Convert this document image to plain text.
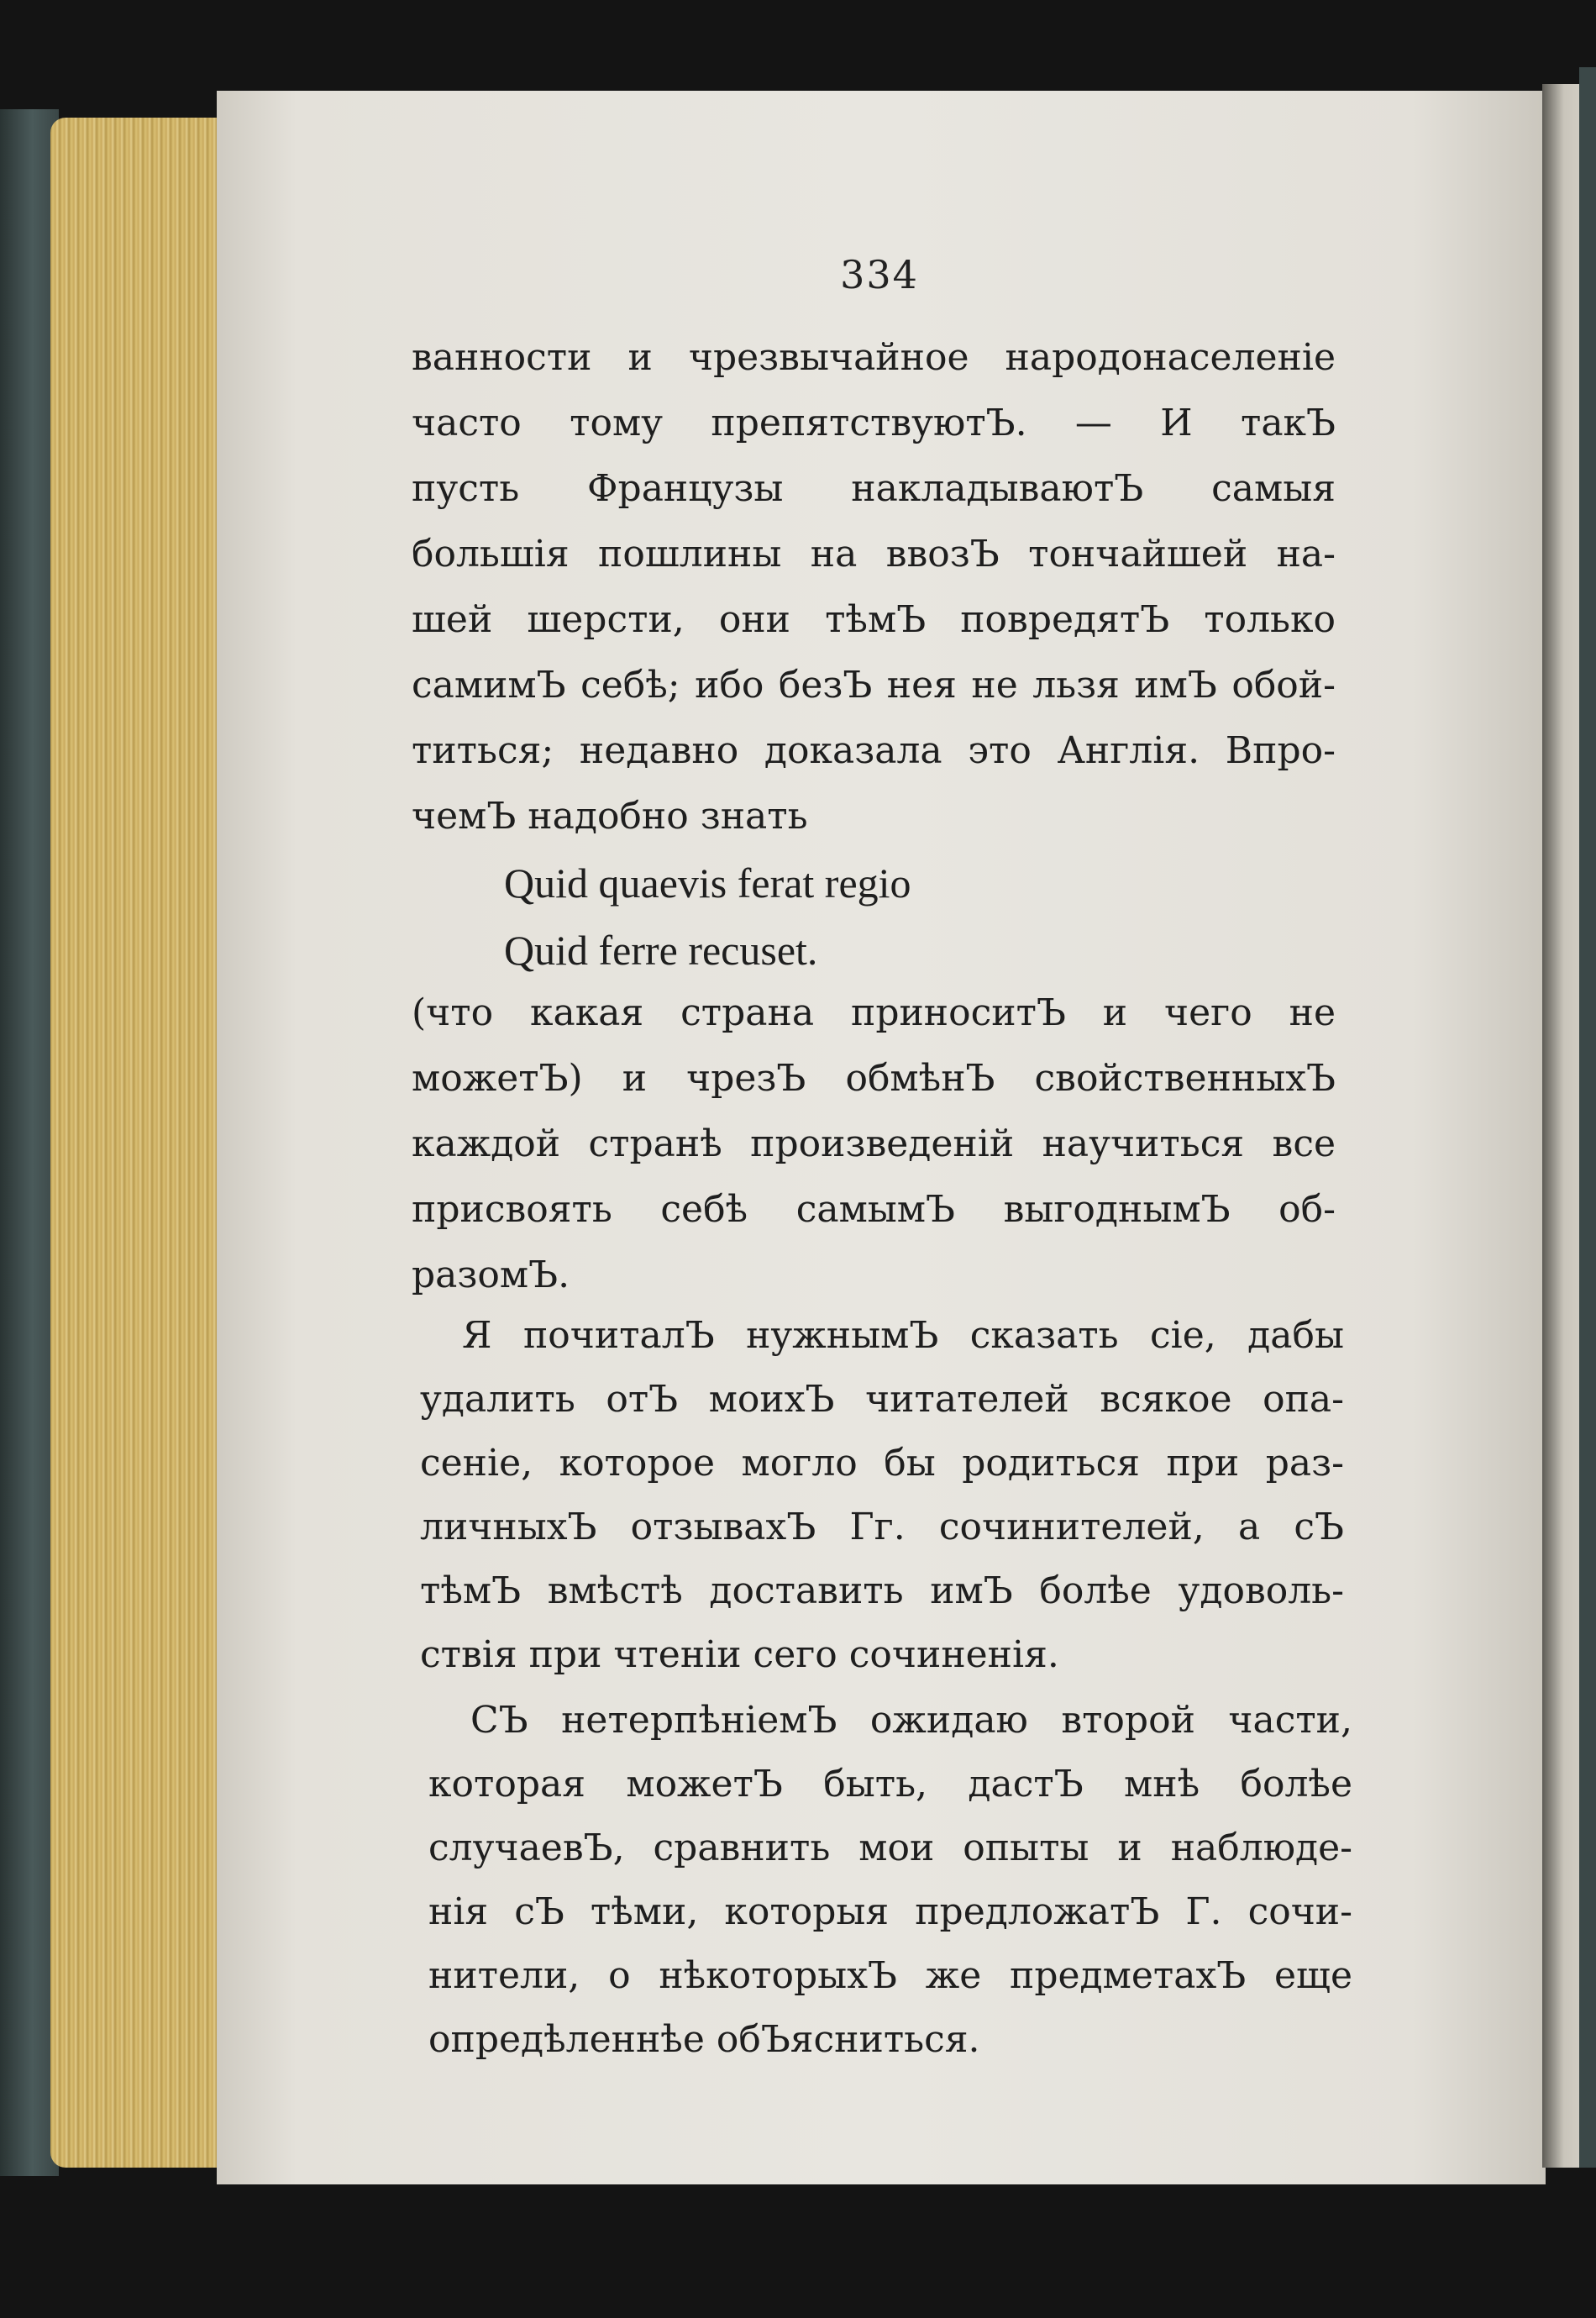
334
ванности и чрезвычайное народонаселеніе
часто тому препятствуютЪ. — И такЪ
пусть Французы накладываютЪ самыя
большія пошлины на ввозЪ тончайшей на-
шей шерсти, они тѣмЪ повредятЪ только
самимЪ себѣ; ибо безЪ нея не льзя имЪ обой-
титься; недавно доказала это Англія. Впро-
чемЪ надобно знать
Quid quaevis ferat regio
Quid ferre recuset.
(что какая страна приноситЪ и чего не
можетЪ) и чрезЪ обмѣнЪ свойственныхЪ
каждой странѣ произведеній научиться все
присвоять себѣ самымЪ выгоднымЪ об-
разомЪ.
Я почиталЪ нужнымЪ сказать сіе, дабы
удалить отЪ моихЪ читателей всякое опа-
сеніе, которое могло бы родиться при раз-
личныхЪ отзывахЪ Гг. сочинителей, а сЪ
тѣмЪ вмѣстѣ доставить имЪ болѣе удоволь-
ствія при чтеніи сего сочиненія.
СЪ нетерпѣніемЪ ожидаю второй части,
которая можетЪ быть, дастЪ мнѣ болѣе
случаевЪ, сравнить мои опыты и наблюде-
нія сЪ тѣми, которыя предложатЪ Г. сочи-
нители, о нѣкоторыхЪ же предметахЪ еще
опредѣленнѣе обЪясниться.
